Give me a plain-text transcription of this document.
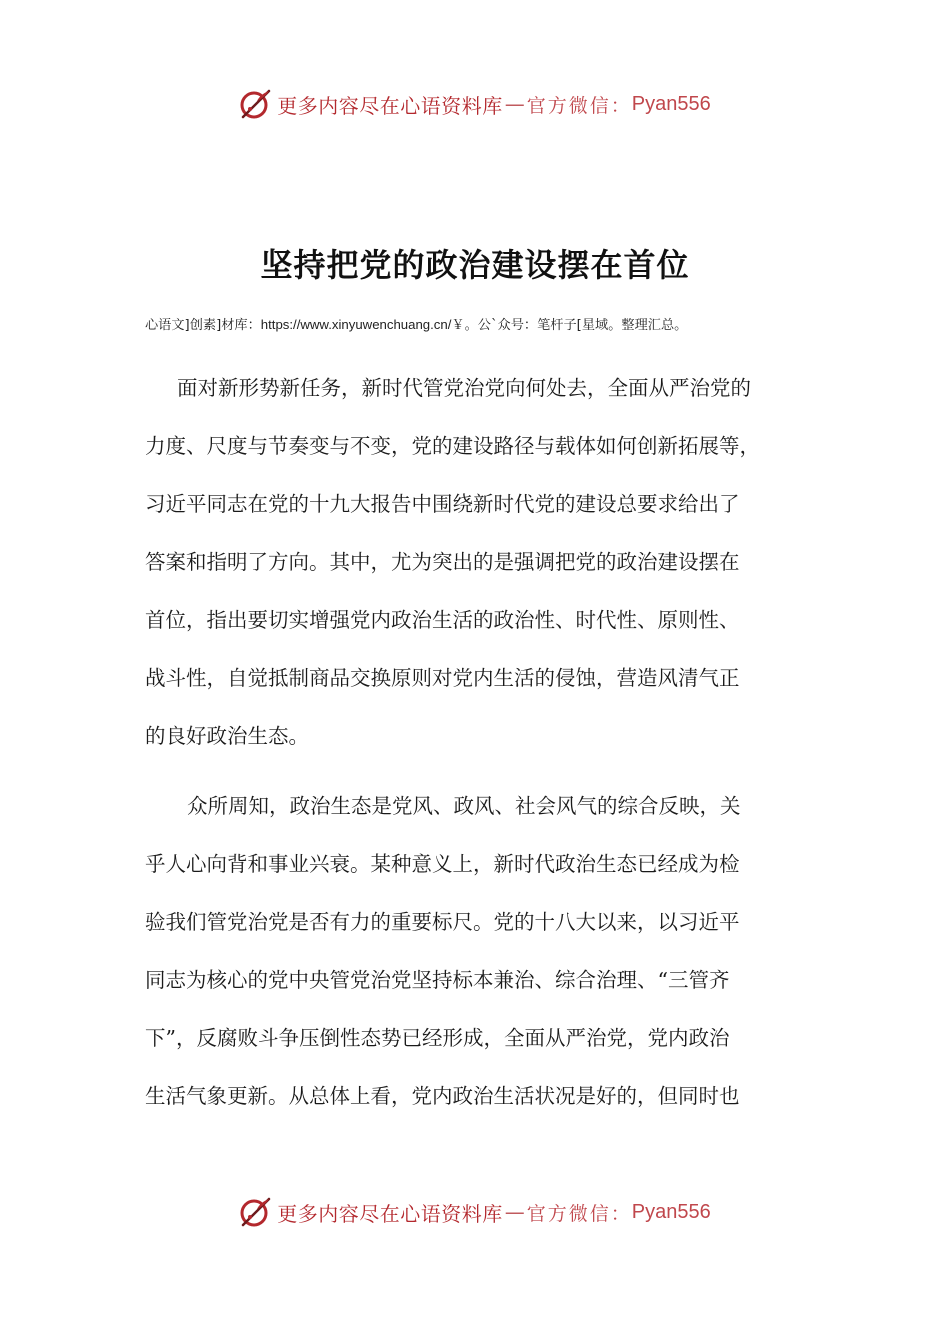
更多内容尽在心语资料库 — 官方微信： Pyan556
坚持把党的政治建设摆在首位
心语文]创素]材库：https://www.xinyuwenchuang.cn/￥。公`众号：笔杆子[星域。整理汇总。
面对新形势新任务，新时代管党治党向何处去，全面从严治党的
力度、尺度与节奏变与不变，党的建设路径与载体如何创新拓展等，
习近平同志在党的十九大报告中围绕新时代党的建设总要求给出了
答案和指明了方向。其中，尤为突出的是强调把党的政治建设摆在
首位，指出要切实增强党内政治生活的政治性、时代性、原则性、
战斗性，自觉抵制商品交换原则对党内生活的侵蚀，营造风清气正
的良好政治生态。
众所周知，政治生态是党风、政风、社会风气的综合反映，关
乎人心向背和事业兴衰。某种意义上，新时代政治生态已经成为检
验我们管党治党是否有力的重要标尺。党的十八大以来，以习近平
同志为核心的党中央管党治党坚持标本兼治、综合治理、“三管齐
下”，反腐败斗争压倒性态势已经形成，全面从严治党，党内政治
生活气象更新。从总体上看，党内政治生活状况是好的，但同时也
更多内容尽在心语资料库 — 官方微信： Pyan556
